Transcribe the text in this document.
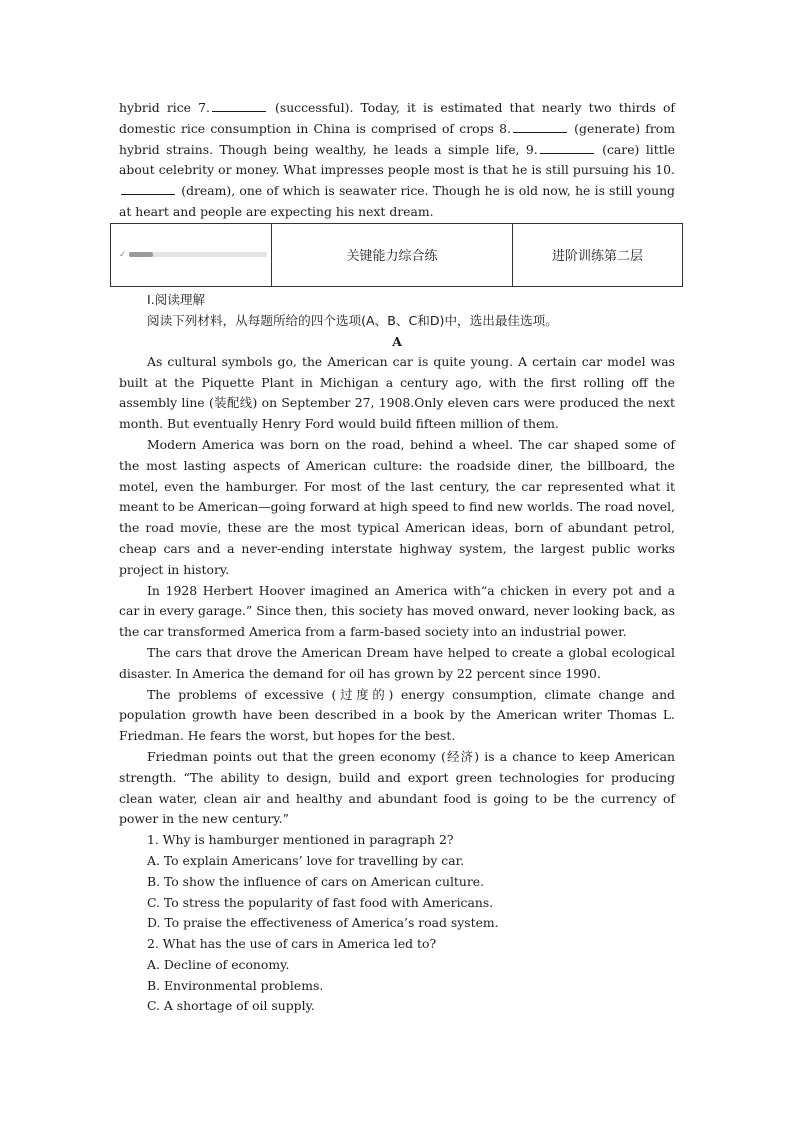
hybrid rice 7.	(successful). Today, it is estimated that nearly two thirds of domestic rice consumption in China is comprised of crops 8.	(generate) from hybrid strains. Though being wealthy, he leads a simple life, 9.	(care) little about celebrity or money. What impresses people most is that he is still pursuing his 10. (dream), one of which is seawater rice. Though he is old now, he is still young at heart and people are expecting his next dream.

✓	关键能力综合练	进阶训练第二层

Ⅰ.阅读理解

阅读下列材料，从每题所给的四个选项(A、B、C和D)中，选出最佳选项。

A

As cultural symbols go, the American car is quite young. A certain car model was built at the Piquette Plant in Michigan a century ago, with the first rolling off the assembly line (装配线) on September 27, 1908.Only eleven cars were produced the next month. But eventually Henry Ford would build fifteen million of them.

Modern America was born on the road, behind a wheel. The car shaped some of the most lasting aspects of American culture: the roadside diner, the billboard, the motel, even the hamburger. For most of the last century, the car represented what it meant to be American—going forward at high speed to find new worlds. The road novel, the road movie, these are the most typical American ideas, born of abundant petrol, cheap cars and a never-ending interstate highway system, the largest public works project in history.

In 1928 Herbert Hoover imagined an America with“a chicken in every pot and a car in every garage.” Since then, this society has moved onward, never looking back, as the car transformed America from a farm-based society into an industrial power.

The cars that drove the American Dream have helped to create a global ecological disaster. In America the demand for oil has grown by 22 percent since 1990.

The problems of excessive (过度的) energy consumption, climate change and population growth have been described in a book by the American writer Thomas L. Friedman. He fears the worst, but hopes for the best.

Friedman points out that the green economy (经济) is a chance to keep American strength. “The ability to design, build and export green technologies for producing clean water, clean air and healthy and abundant food is going to be the currency of power in the new century.”

1. Why is hamburger mentioned in paragraph 2?

A. To explain Americans’ love for travelling by car.

B. To show the influence of cars on American culture.

C. To stress the popularity of fast food with Americans.

D. To praise the effectiveness of America’s road system.

2. What has the use of cars in America led to?

A. Decline of economy.

B. Environmental problems.

C. A shortage of oil supply.
